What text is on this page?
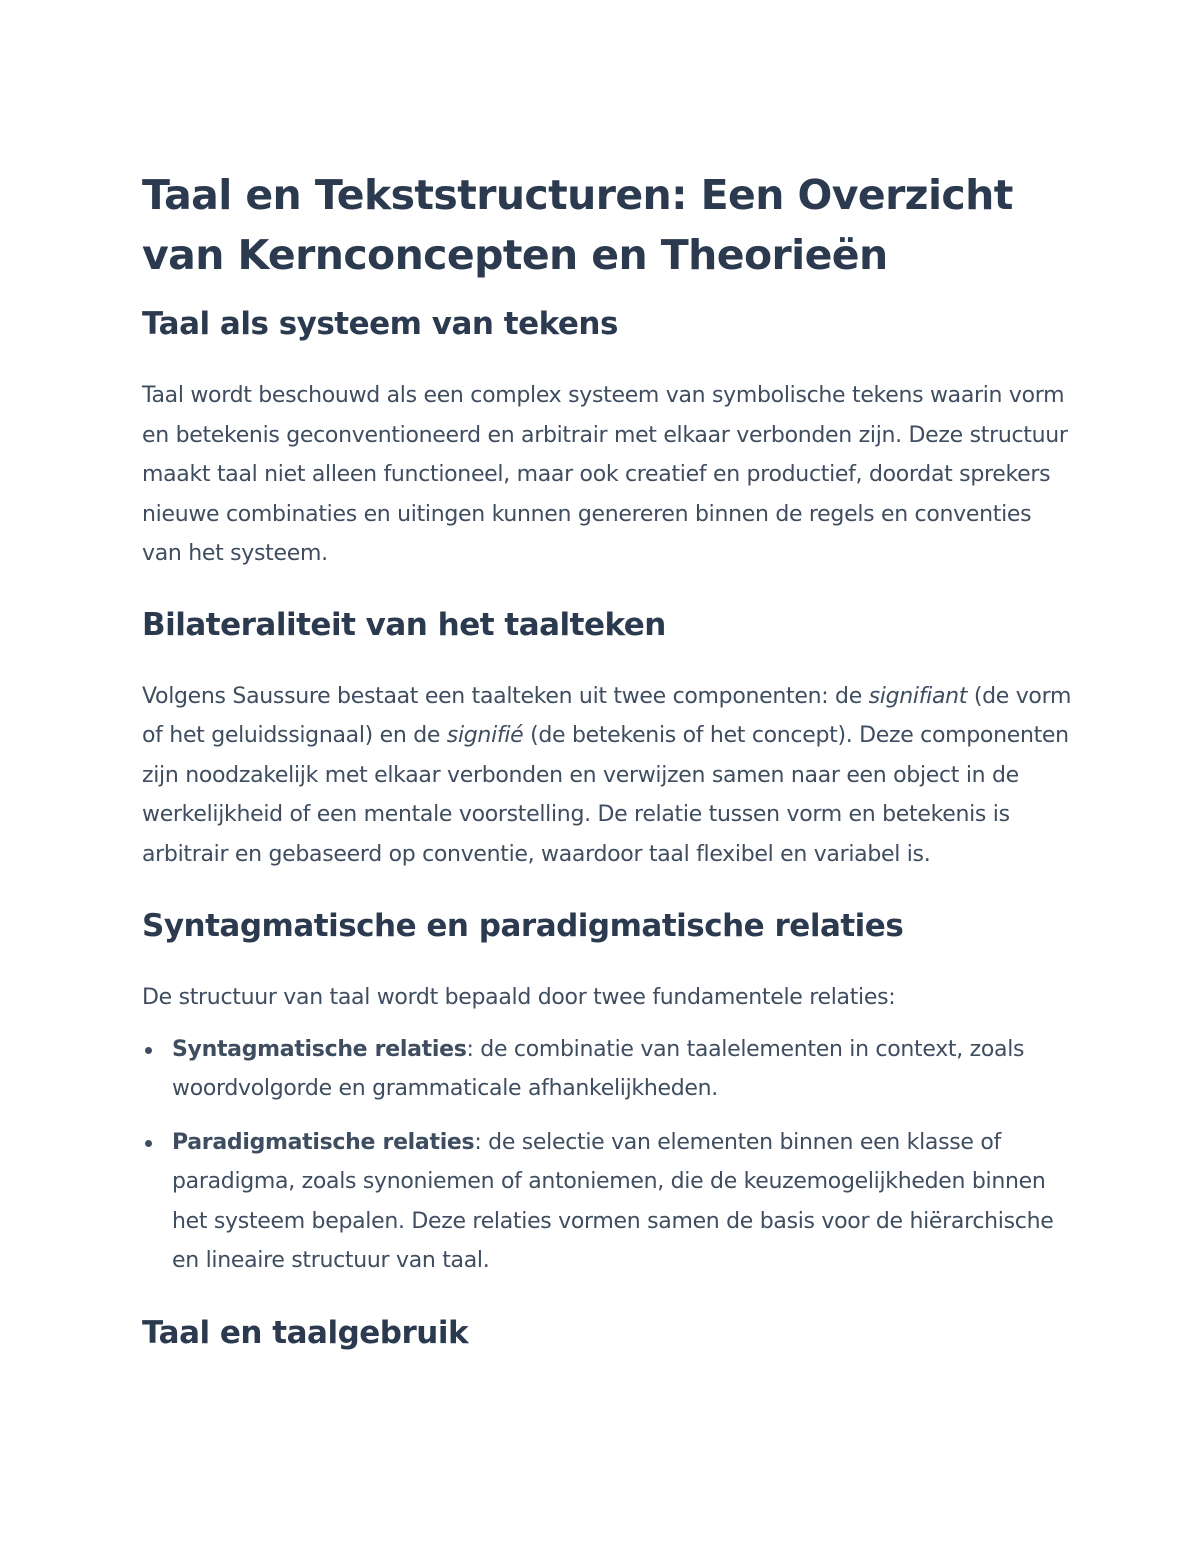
Taal en Tekststructuren: Een Overzicht van Kernconcepten en Theorieën
Taal als systeem van tekens

Taal wordt beschouwd als een complex systeem van symbolische tekens waarin vorm en betekenis geconventioneerd en arbitrair met elkaar verbonden zijn. Deze structuur maakt taal niet alleen functioneel, maar ook creatief en productief, doordat sprekers nieuwe combinaties en uitingen kunnen genereren binnen de regels en conventies van het systeem.

Bilateraliteit van het taalteken

Volgens Saussure bestaat een taalteken uit twee componenten: de signifiant (de vorm of het geluidssignaal) en de signifié (de betekenis of het concept). Deze componenten zijn noodzakelijk met elkaar verbonden en verwijzen samen naar een object in de werkelijkheid of een mentale voorstelling. De relatie tussen vorm en betekenis is arbitrair en gebaseerd op conventie, waardoor taal flexibel en variabel is.

Syntagmatische en paradigmatische relaties

De structuur van taal wordt bepaald door twee fundamentele relaties:

Syntagmatische relaties: de combinatie van taalelementen in context, zoals woordvolgorde en grammaticale afhankelijkheden.
Paradigmatische relaties: de selectie van elementen binnen een klasse of paradigma, zoals synoniemen of antoniemen, die de keuzemogelijkheden binnen het systeem bepalen. Deze relaties vormen samen de basis voor de hiërarchische en lineaire structuur van taal.
Taal en taalgebruik
